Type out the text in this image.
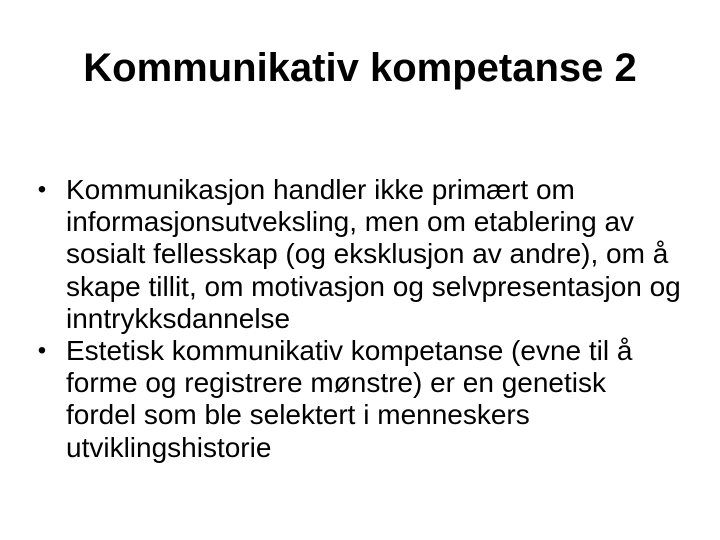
Kommunikativ kompetanse 2
• Kommunikasjon handler ikke primært om informasjonsutveksling, men om etablering av sosialt fellesskap (og eksklusjon av andre), om å skape tillit, om motivasjon og selvpresentasjon og inntrykksdannelse
• Estetisk kommunikativ kompetanse (evne til å forme og registrere mønstre) er en genetisk fordel som ble selektert i menneskers utviklingshistorie
